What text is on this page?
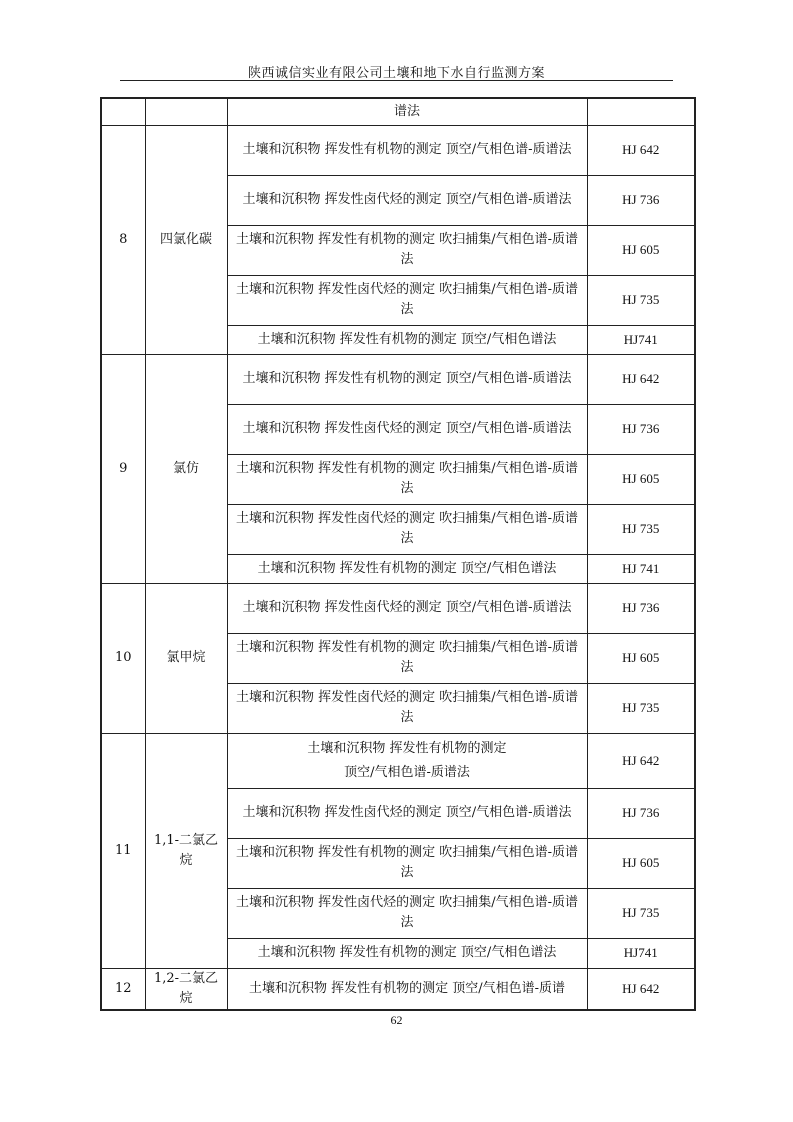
陕西诚信实业有限公司土壤和地下水自行监测方案
		谱法	
8	四氯化碳	土壤和沉积物 挥发性有机物的测定 顶空/气相色谱-质谱法	HJ 642
		土壤和沉积物 挥发性卤代烃的测定 顶空/气相色谱-质谱法	HJ 736
		土壤和沉积物 挥发性有机物的测定 吹扫捕集/气相色谱-质谱法	HJ 605
		土壤和沉积物 挥发性卤代烃的测定 吹扫捕集/气相色谱-质谱法	HJ 735
		土壤和沉积物 挥发性有机物的测定 顶空/气相色谱法	HJ741
9	氯仿	土壤和沉积物 挥发性有机物的测定 顶空/气相色谱-质谱法	HJ 642
		土壤和沉积物 挥发性卤代烃的测定 顶空/气相色谱-质谱法	HJ 736
		土壤和沉积物 挥发性有机物的测定 吹扫捕集/气相色谱-质谱法	HJ 605
		土壤和沉积物 挥发性卤代烃的测定 吹扫捕集/气相色谱-质谱法	HJ 735
		土壤和沉积物 挥发性有机物的测定 顶空/气相色谱法	HJ 741
10	氯甲烷	土壤和沉积物 挥发性卤代烃的测定 顶空/气相色谱-质谱法	HJ 736
		土壤和沉积物 挥发性有机物的测定 吹扫捕集/气相色谱-质谱法	HJ 605
		土壤和沉积物 挥发性卤代烃的测定 吹扫捕集/气相色谱-质谱法	HJ 735
11	1,1-二氯乙烷	土壤和沉积物 挥发性有机物的测定
顶空/气相色谱-质谱法	HJ 642
		土壤和沉积物 挥发性卤代烃的测定 顶空/气相色谱-质谱法	HJ 736
		土壤和沉积物 挥发性有机物的测定 吹扫捕集/气相色谱-质谱法	HJ 605
		土壤和沉积物 挥发性卤代烃的测定 吹扫捕集/气相色谱-质谱法	HJ 735
		土壤和沉积物 挥发性有机物的测定 顶空/气相色谱法	HJ741
12	1,2-二氯乙烷	土壤和沉积物 挥发性有机物的测定 顶空/气相色谱-质谱	HJ 642
62
